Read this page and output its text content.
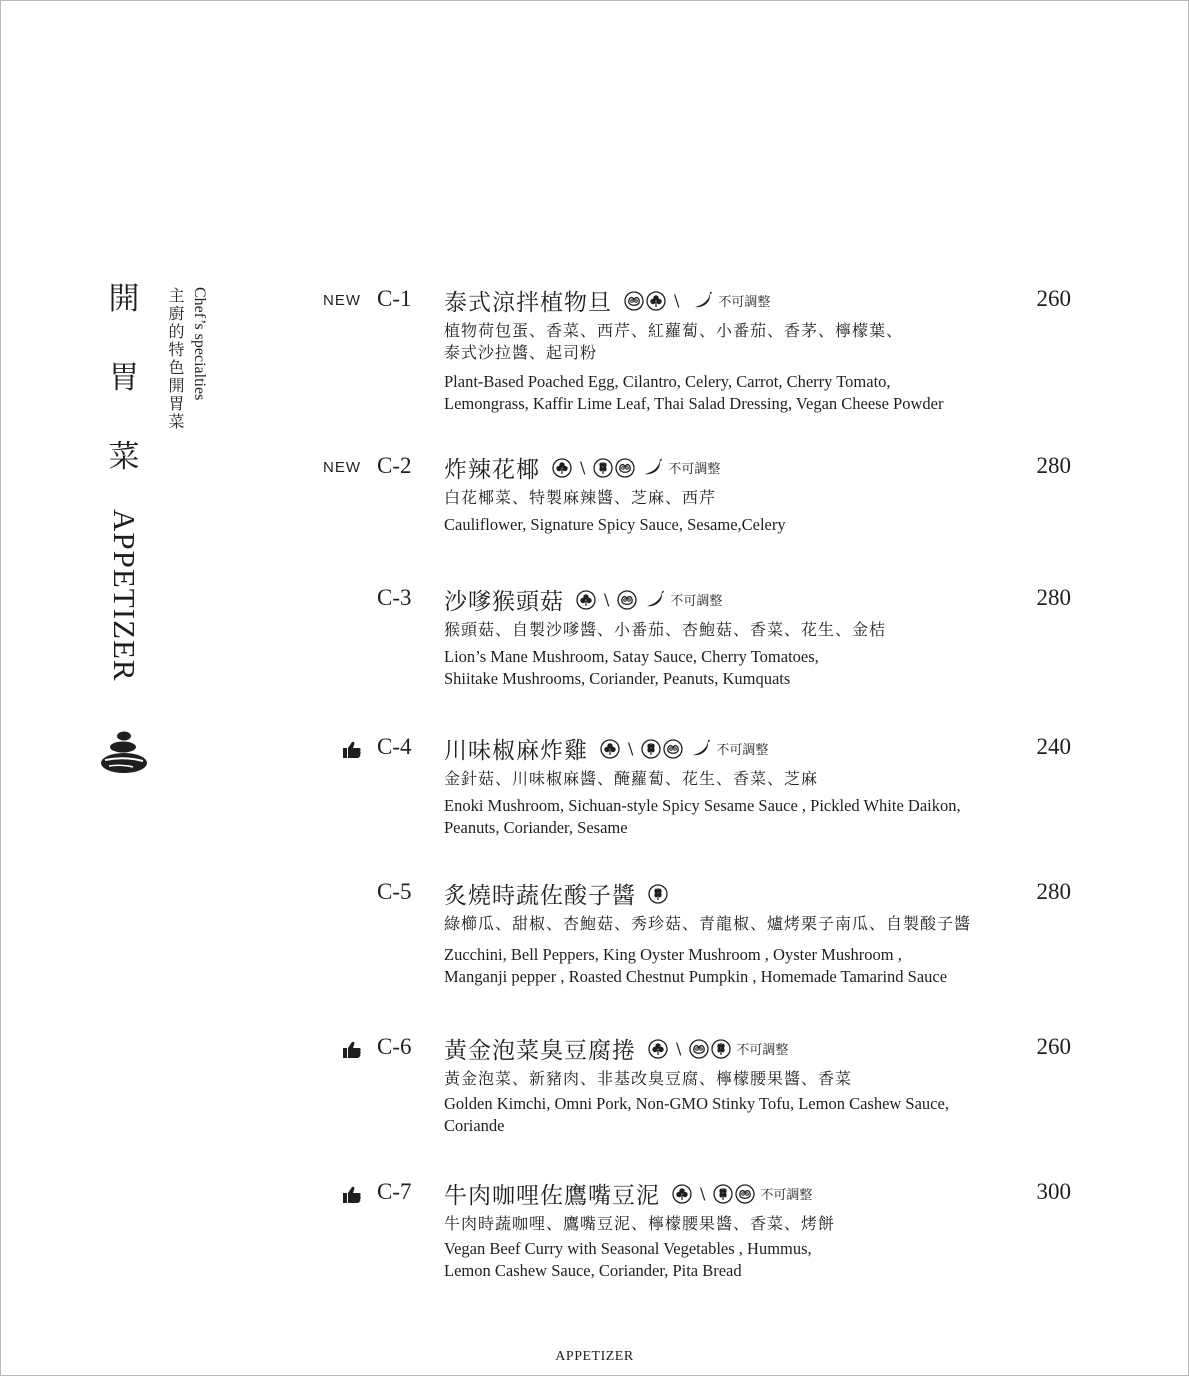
開
胃
菜
APPETIZER
Chef’s specialties
主廚的特色開胃菜	NEW C-1 泰式涼拌植物旦	\	不可調整	260
植物荷包蛋、香菜、西芹、紅蘿蔔、小番茄、香茅、檸檬葉、
泰式沙拉醬、起司粉
Plant-Based Poached Egg, Cilantro, Celery, Carrot, Cherry Tomato,
Lemongrass, Kaffir Lime Leaf, Thai Salad Dressing, Vegan Cheese Powder
NEW C-2 炸辣花椰	\	不可調整	280
白花椰菜、特製麻辣醬、芝麻、西芹
Cauliflower, Signature Spicy Sauce, Sesame,Celery
C-3 沙嗲猴頭菇	\	不可調整	280
猴頭菇、自製沙嗲醬、小番茄、杏鮑菇、香菜、花生、金桔
Lion’s Mane Mushroom, Satay Sauce, Cherry Tomatoes,
Shiitake Mushrooms, Coriander, Peanuts, Kumquats
C-4 川味椒麻炸雞	\	不可調整	240
金針菇、川味椒麻醬、醃蘿蔔、花生、香菜、芝麻
Enoki Mushroom, Sichuan-style Spicy Sesame Sauce , Pickled White Daikon,
Peanuts, Coriander, Sesame
C-5 炙燒時蔬佐酸子醬	280
綠櫛瓜、甜椒、杏鮑菇、秀珍菇、青龍椒、爐烤栗子南瓜、自製酸子醬
Zucchini, Bell Peppers, King Oyster Mushroom , Oyster Mushroom ,
Manganji pepper , Roasted Chestnut Pumpkin , Homemade Tamarind Sauce
C-6 黃金泡菜臭豆腐捲	\	不可調整	260
黃金泡菜、新豬肉、非基改臭豆腐、檸檬腰果醬、香菜
Golden Kimchi, Omni Pork, Non-GMO Stinky Tofu, Lemon Cashew Sauce,
Coriande
C-7 牛肉咖哩佐鷹嘴豆泥	\	不可調整	300
牛肉時蔬咖哩、鷹嘴豆泥、檸檬腰果醬、香菜、烤餅
Vegan Beef Curry with Seasonal Vegetables , Hummus,
Lemon Cashew Sauce, Coriander, Pita Bread
APPETIZER
